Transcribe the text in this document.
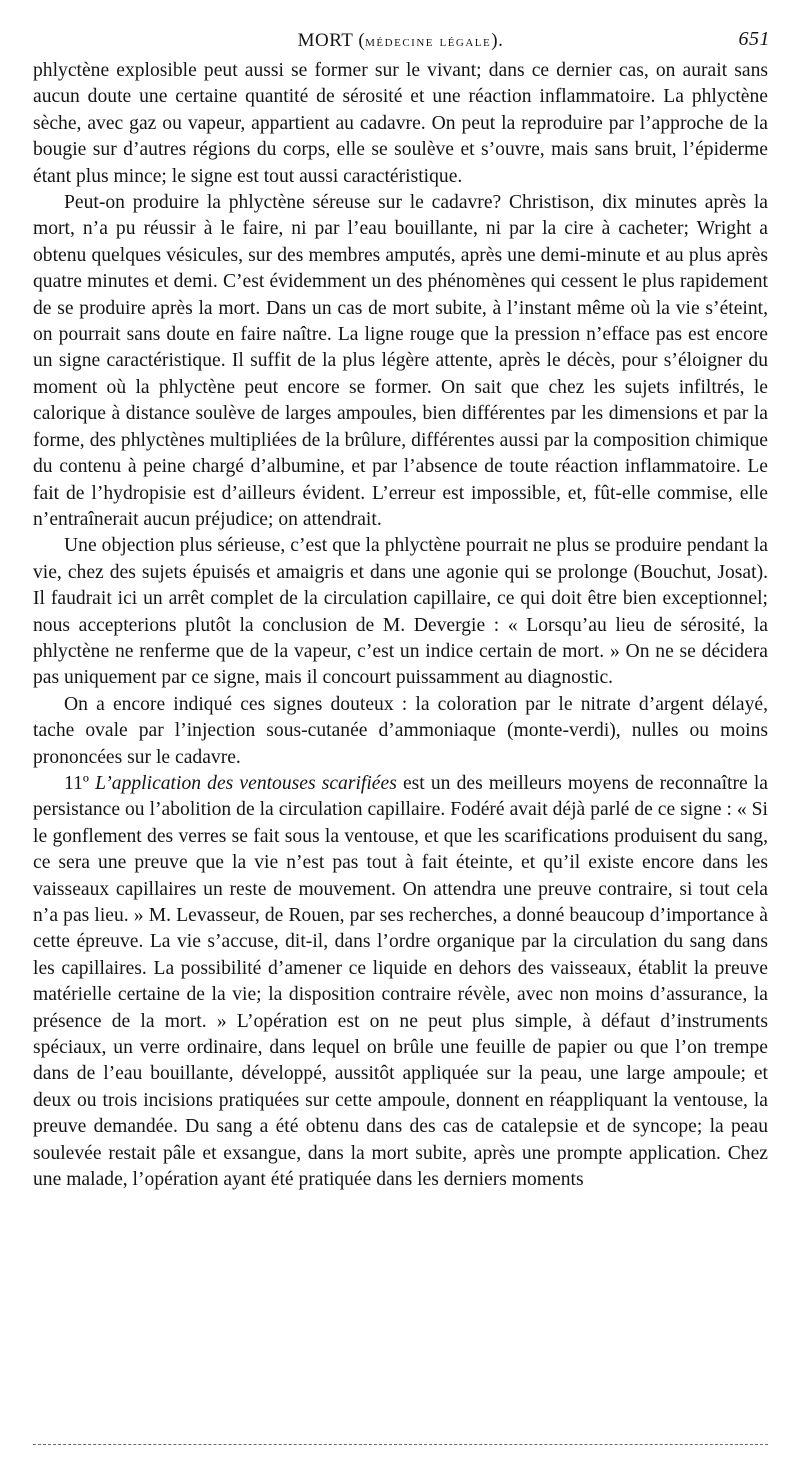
MORT (médecine légale).	651

phlyctène explosible peut aussi se former sur le vivant; dans ce dernier cas, on aurait sans aucun doute une certaine quantité de sérosité et une réaction inflammatoire. La phlyctène sèche, avec gaz ou vapeur, appartient au cadavre. On peut la reproduire par l’approche de la bougie sur d’autres régions du corps, elle se soulève et s’ouvre, mais sans bruit, l’épiderme étant plus mince; le signe est tout aussi caractéristique.

Peut-on produire la phlyctène séreuse sur le cadavre? Christison, dix minutes après la mort, n’a pu réussir à le faire, ni par l’eau bouillante, ni par la cire à cacheter; Wright a obtenu quelques vésicules, sur des membres amputés, après une demi-minute et au plus après quatre minutes et demi. C’est évidemment un des phénomènes qui cessent le plus rapidement de se produire après la mort. Dans un cas de mort subite, à l’instant même où la vie s’éteint, on pourrait sans doute en faire naître. La ligne rouge que la pression n’efface pas est encore un signe caractéristique. Il suffit de la plus légère attente, après le décès, pour s’éloigner du moment où la phlyctène peut encore se former. On sait que chez les sujets infiltrés, le calorique à distance soulève de larges ampoules, bien différentes par les dimensions et par la forme, des phlyctènes multipliées de la brûlure, différentes aussi par la composition chimique du contenu à peine chargé d’albumine, et par l’absence de toute réaction inflammatoire. Le fait de l’hydropisie est d’ailleurs évident. L’erreur est impossible, et, fût-elle commise, elle n’entraînerait aucun préjudice; on attendrait.

Une objection plus sérieuse, c’est que la phlyctène pourrait ne plus se produire pendant la vie, chez des sujets épuisés et amaigris et dans une agonie qui se prolonge (Bouchut, Josat). Il faudrait ici un arrêt complet de la circulation capillaire, ce qui doit être bien exceptionnel; nous accepterions plutôt la conclusion de M. Devergie : « Lorsqu’au lieu de sérosité, la phlyctène ne renferme que de la vapeur, c’est un indice certain de mort. » On ne se décidera pas uniquement par ce signe, mais il concourt puissamment au diagnostic.

On a encore indiqué ces signes douteux : la coloration par le nitrate d’argent délayé, tache ovale par l’injection sous-cutanée d’ammoniaque (monte-verdi), nulles ou moins prononcées sur le cadavre.

11º L’application des ventouses scarifiées est un des meilleurs moyens de reconnaître la persistance ou l’abolition de la circulation capillaire. Fodéré avait déjà parlé de ce signe : « Si le gonflement des verres se fait sous la ventouse, et que les scarifications produisent du sang, ce sera une preuve que la vie n’est pas tout à fait éteinte, et qu’il existe encore dans les vaisseaux capillaires un reste de mouvement. On attendra une preuve contraire, si tout cela n’a pas lieu. » M. Levasseur, de Rouen, par ses recherches, a donné beaucoup d’importance à cette épreuve. La vie s’accuse, dit-il, dans l’ordre organique par la circulation du sang dans les capillaires. La possibilité d’amener ce liquide en dehors des vaisseaux, établit la preuve matérielle certaine de la vie; la disposition contraire révèle, avec non moins d’assurance, la présence de la mort. » L’opération est on ne peut plus simple, à défaut d’instruments spéciaux, un verre ordinaire, dans lequel on brûle une feuille de papier ou que l’on trempe dans de l’eau bouillante, développé, aussitôt appliquée sur la peau, une large ampoule; et deux ou trois incisions pratiquées sur cette ampoule, donnent en réappliquant la ventouse, la preuve demandée. Du sang a été obtenu dans des cas de catalepsie et de syncope; la peau soulevée restait pâle et exsangue, dans la mort subite, après une prompte application. Chez une malade, l’opération ayant été pratiquée dans les derniers moments
